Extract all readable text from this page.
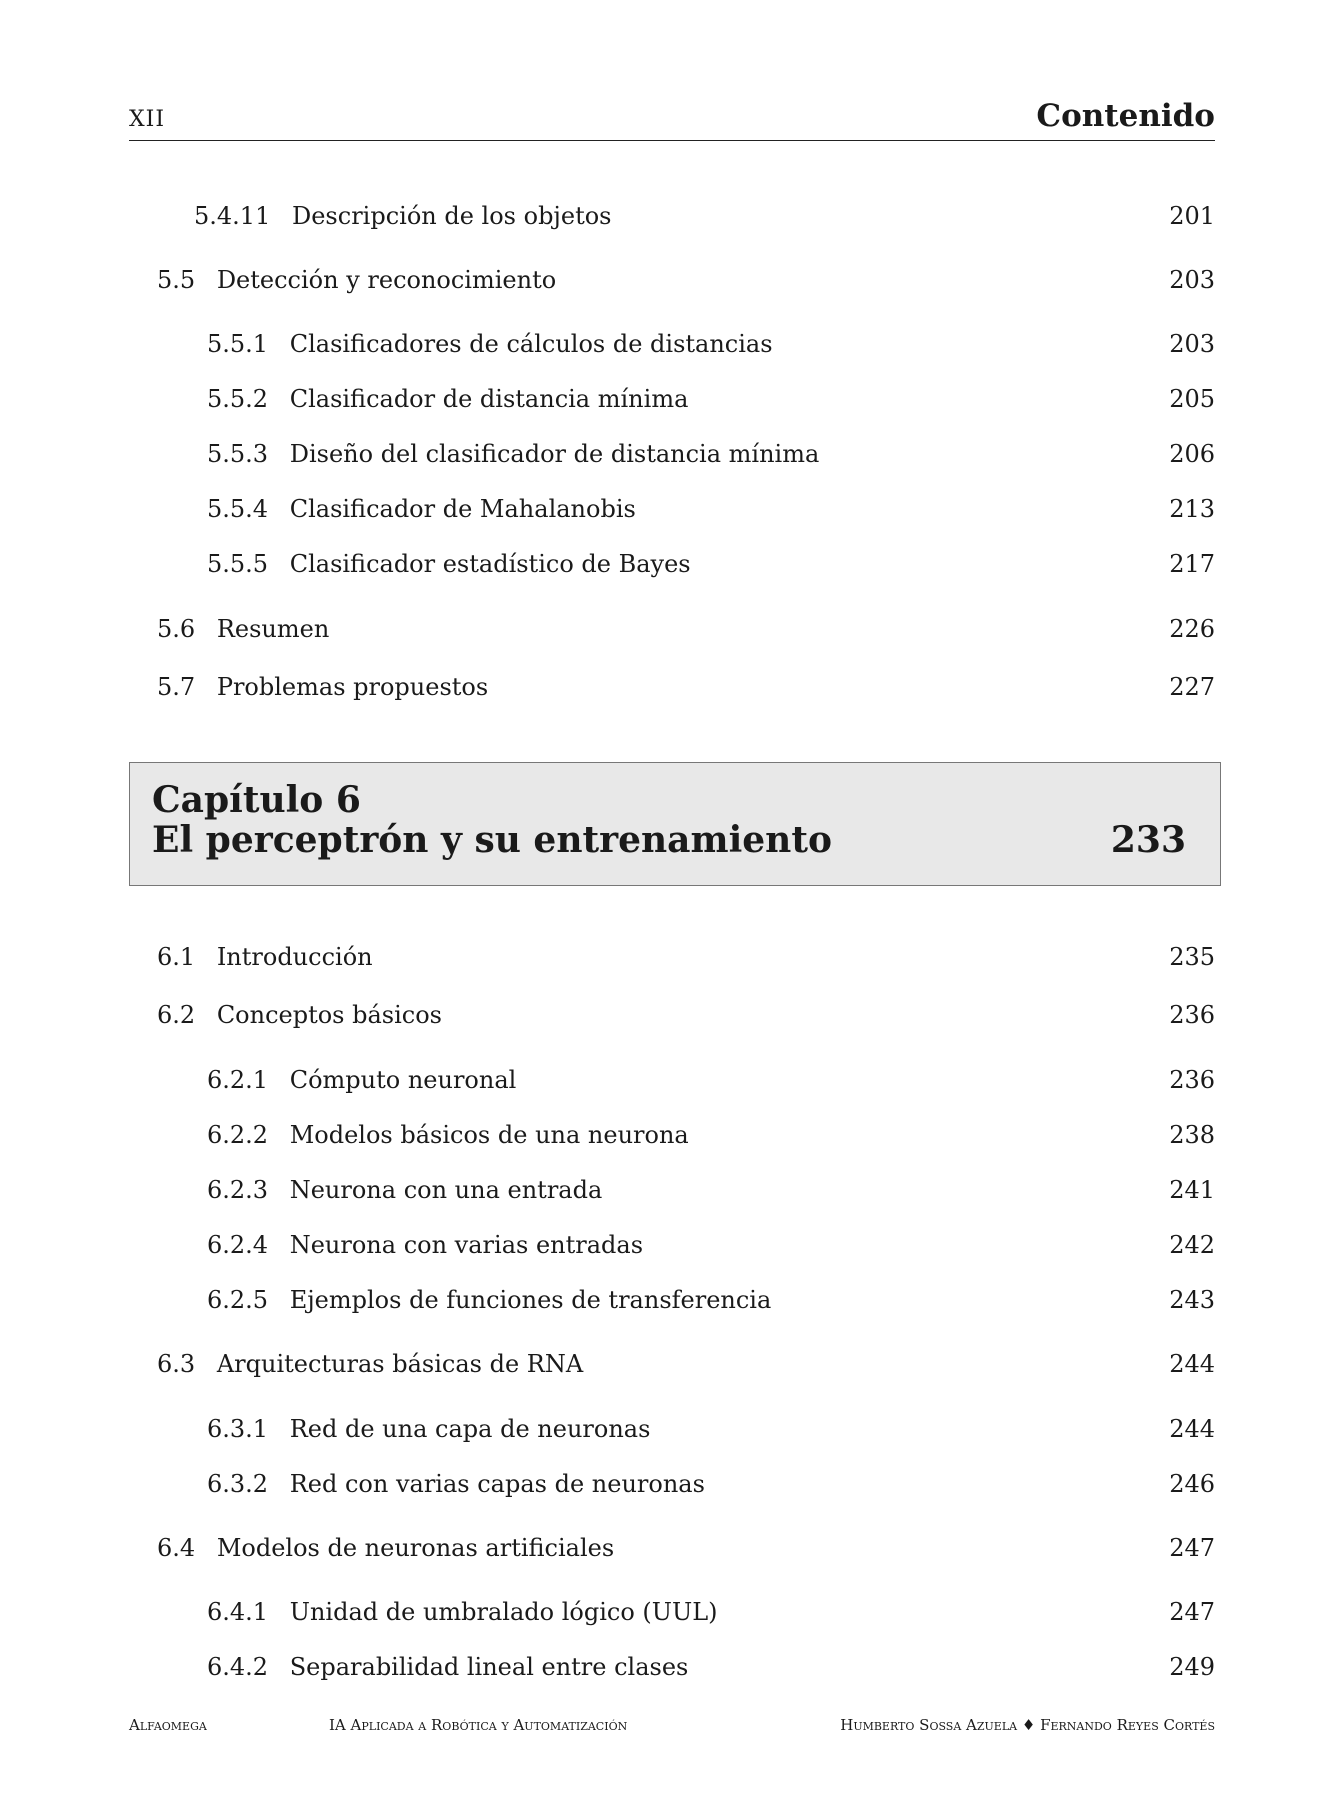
XII	Contenido
5.4.11 Descripción de los objetos	201
5.5 Detección y reconocimiento	203
5.5.1 Clasificadores de cálculos de distancias	203
5.5.2 Clasificador de distancia mínima	205
5.5.3 Diseño del clasificador de distancia mínima	206
5.5.4 Clasificador de Mahalanobis	213
5.5.5 Clasificador estadístico de Bayes	217
5.6 Resumen	226
5.7 Problemas propuestos	227
Capítulo 6
El perceptrón y su entrenamiento	233
6.1 Introducción	235
6.2 Conceptos básicos	236
6.2.1 Cómputo neuronal	236
6.2.2 Modelos básicos de una neurona	238
6.2.3 Neurona con una entrada	241
6.2.4 Neurona con varias entradas	242
6.2.5 Ejemplos de funciones de transferencia	243
6.3 Arquitecturas básicas de RNA	244
6.3.1 Red de una capa de neuronas	244
6.3.2 Red con varias capas de neuronas	246
6.4 Modelos de neuronas artificiales	247
6.4.1 Unidad de umbralado lógico (UUL)	247
6.4.2 Separabilidad lineal entre clases	249
Alfaomega	IA Aplicada a Robótica y Automatización	Humberto Sossa Azuela ♦ Fernando Reyes Cortés
